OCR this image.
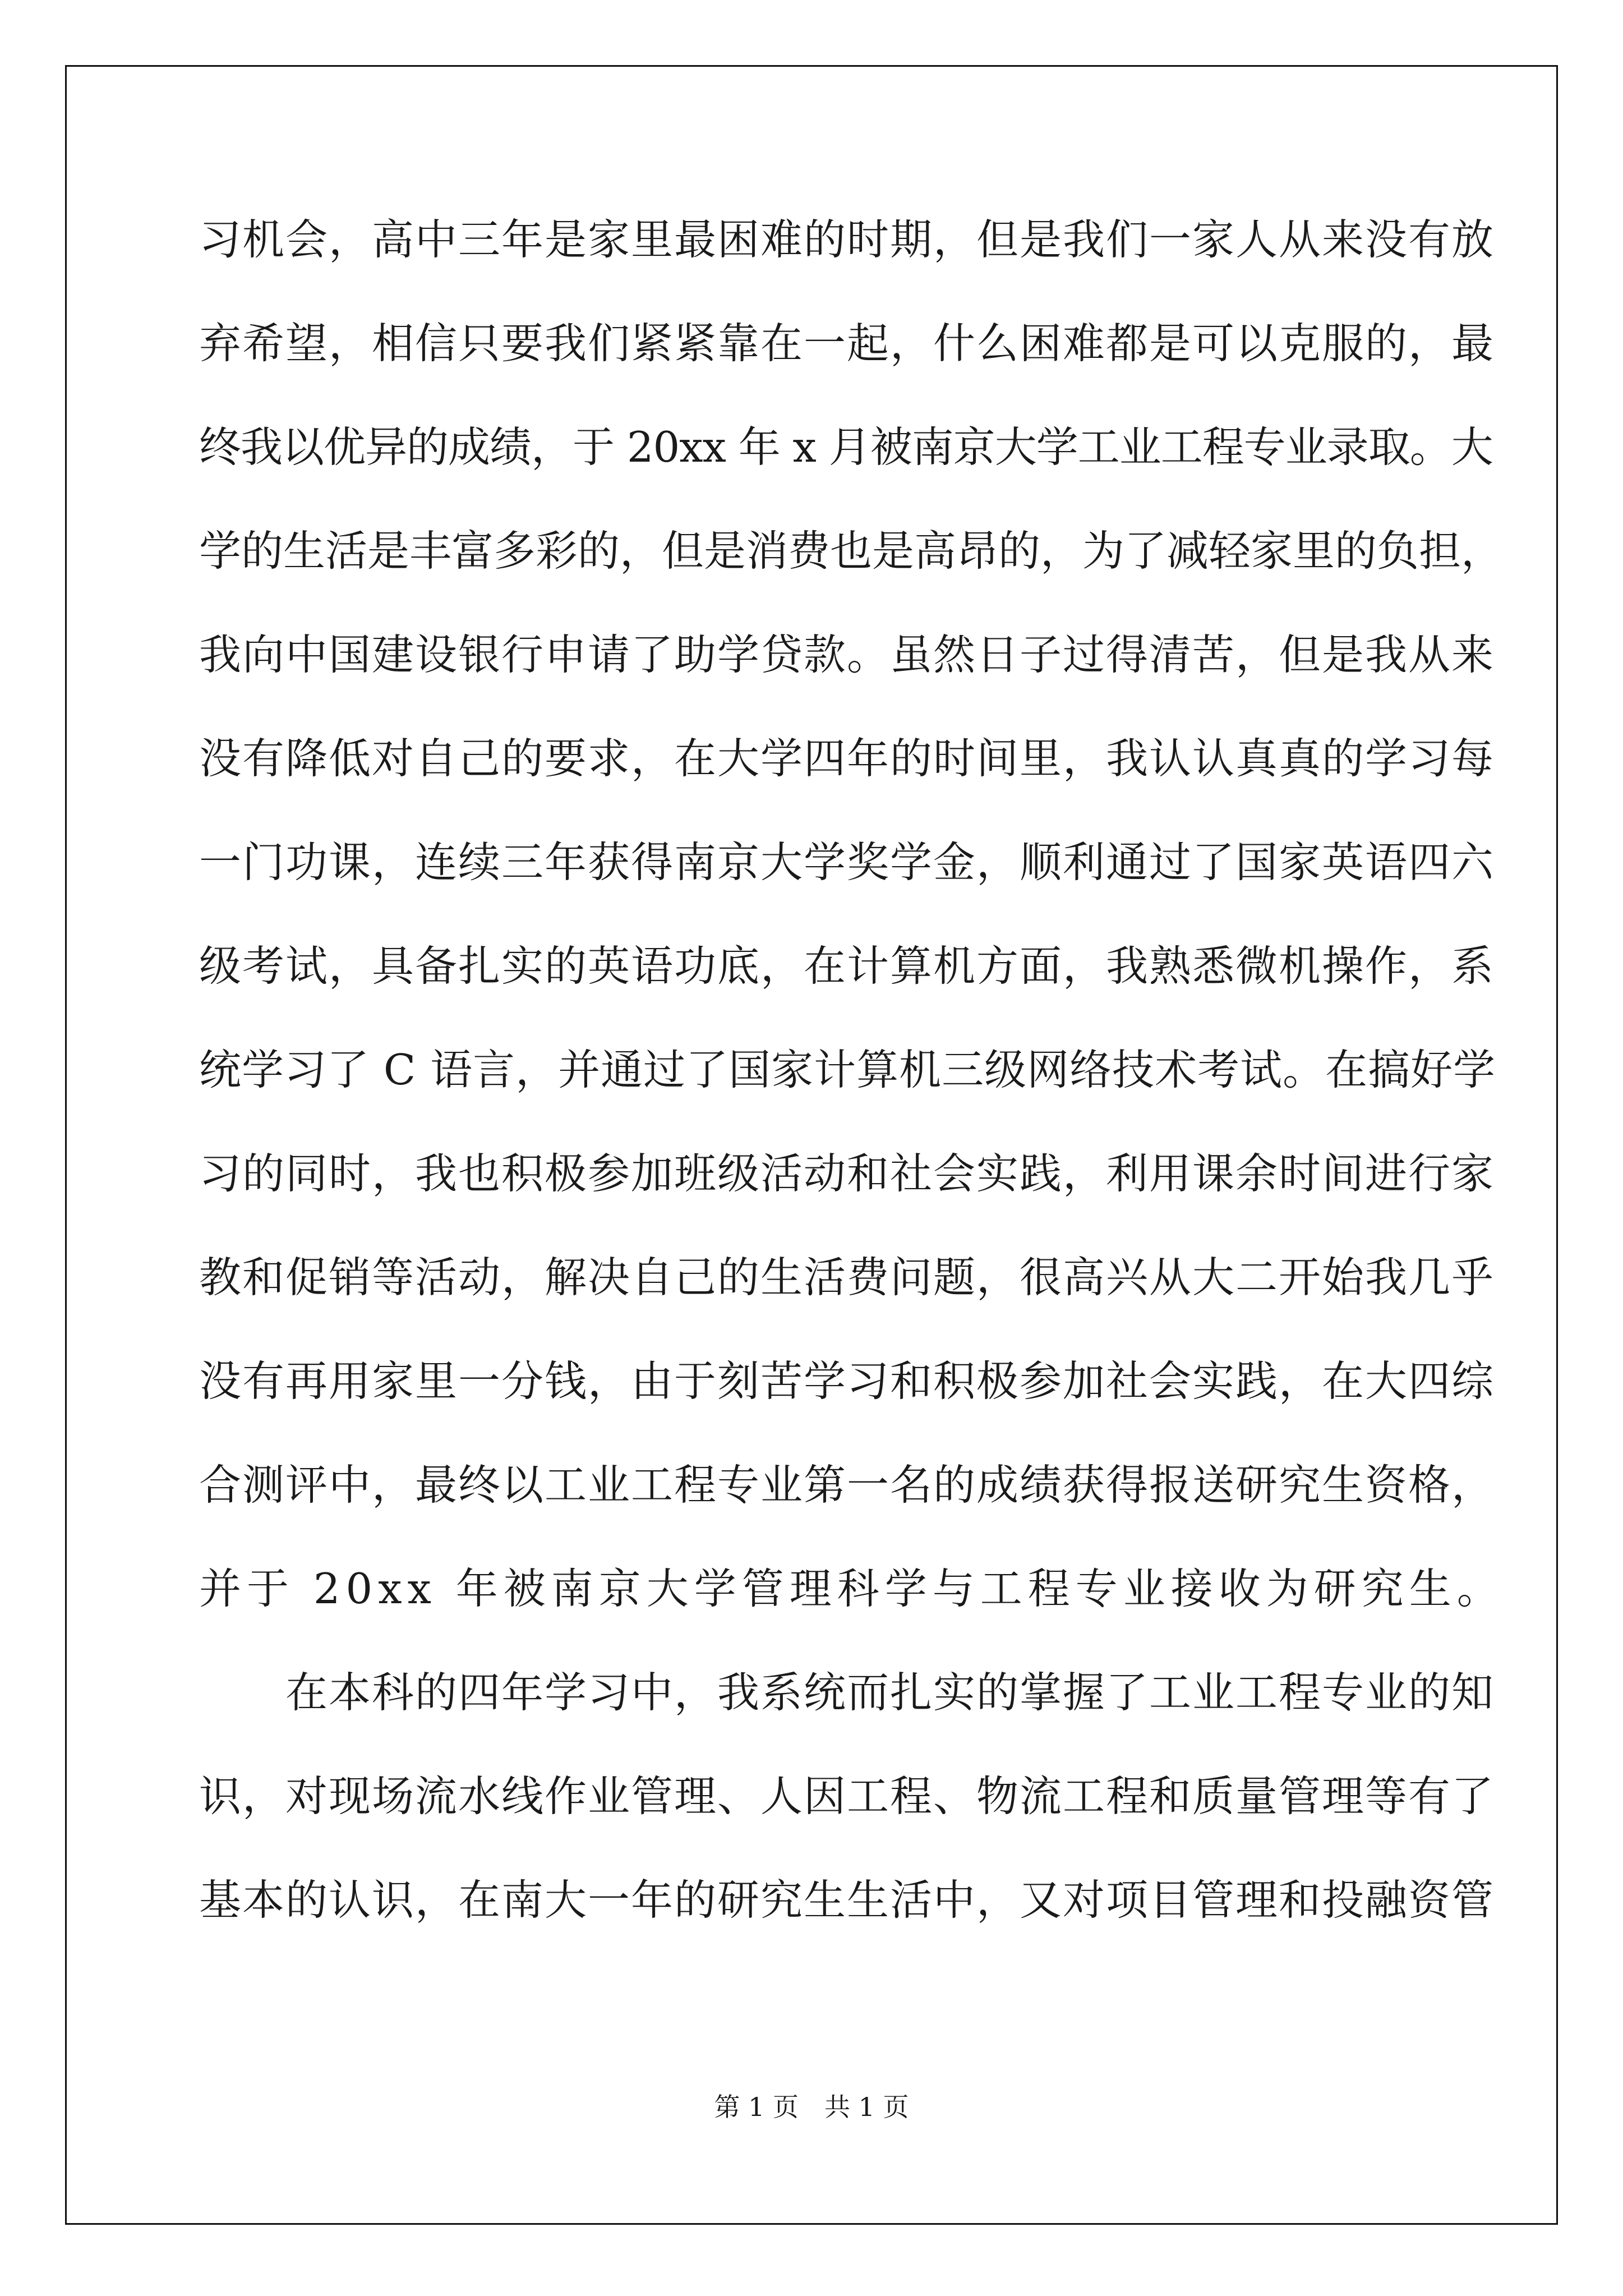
习机会，高中三年是家里最困难的时期，但是我们一家人从来没有放
弃希望，相信只要我们紧紧靠在一起，什么困难都是可以克服的，最
终我以优异的成绩，于 20xx 年 x 月被南京大学工业工程专业录取。大
学的生活是丰富多彩的，但是消费也是高昂的，为了减轻家里的负担，
我向中国建设银行申请了助学贷款。虽然日子过得清苦，但是我从来
没有降低对自己的要求，在大学四年的时间里，我认认真真的学习每
一门功课，连续三年获得南京大学奖学金，顺利通过了国家英语四六
级考试，具备扎实的英语功底，在计算机方面，我熟悉微机操作，系
统学习了 C 语言，并通过了国家计算机三级网络技术考试。在搞好学
习的同时，我也积极参加班级活动和社会实践，利用课余时间进行家
教和促销等活动，解决自己的生活费问题，很高兴从大二开始我几乎
没有再用家里一分钱，由于刻苦学习和积极参加社会实践，在大四综
合测评中，最终以工业工程专业第一名的成绩获得报送研究生资格，
并于 20xx 年被南京大学管理科学与工程专业接收为研究生。
　　在本科的四年学习中，我系统而扎实的掌握了工业工程专业的知
识，对现场流水线作业管理、人因工程、物流工程和质量管理等有了
基本的认识，在南大一年的研究生生活中，又对项目管理和投融资管
第 1 页　共 1 页
